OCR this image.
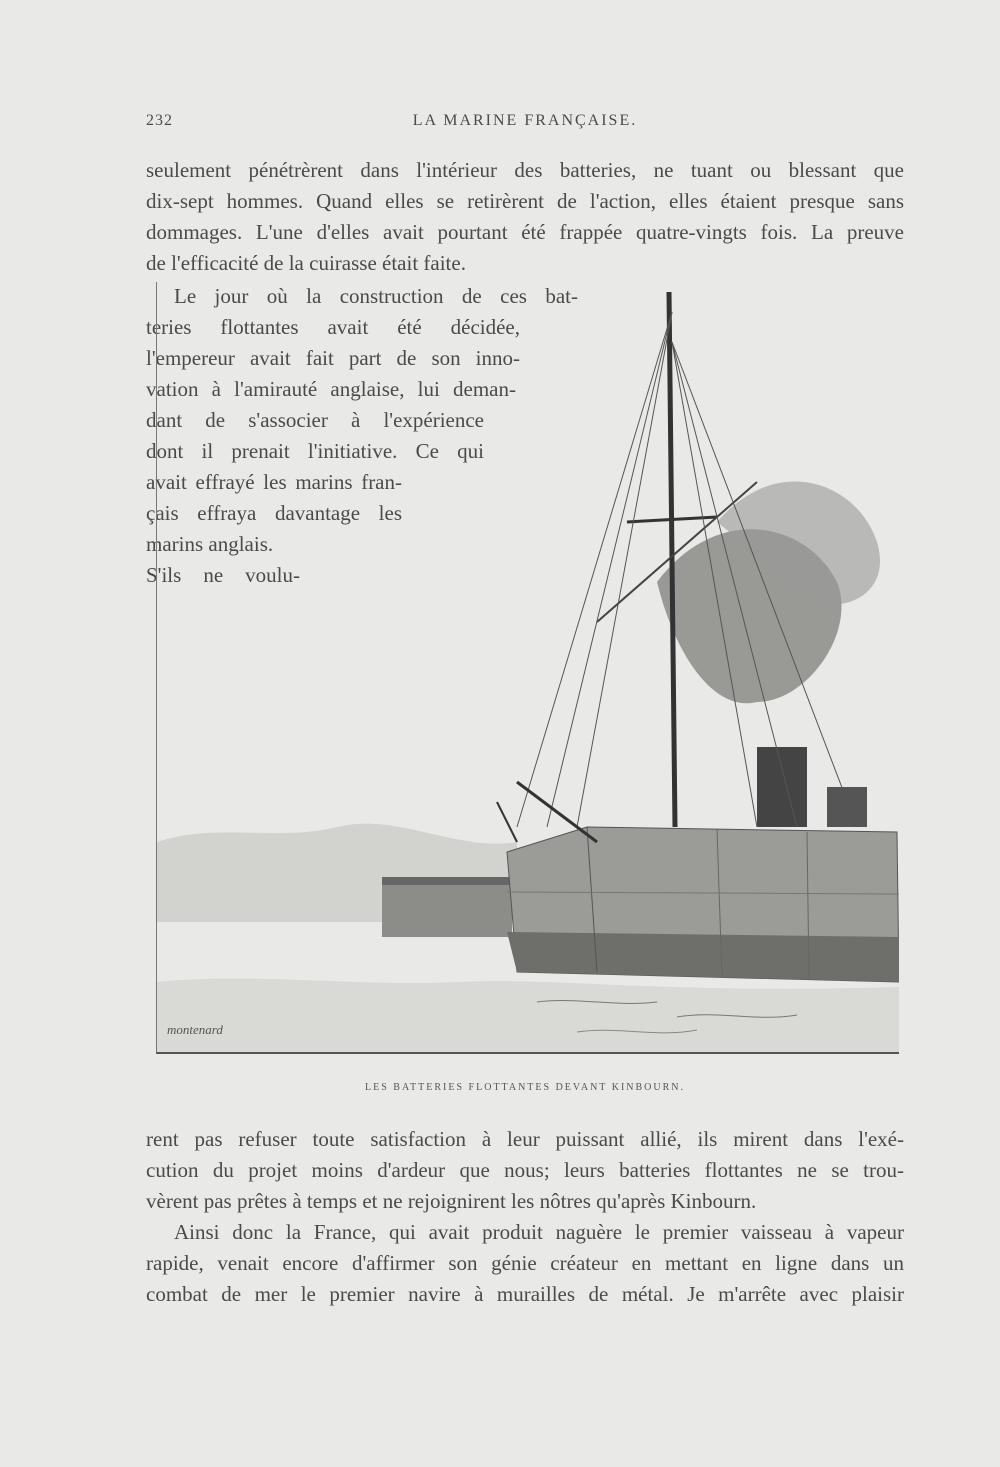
232	LA MARINE FRANÇAISE.
seulement pénétrèrent dans l'intérieur des batteries, ne tuant ou blessant que
dix-sept hommes. Quand elles se retirèrent de l'action, elles étaient presque sans
dommages. L'une d'elles avait pourtant été frappée quatre-vingts fois. La preuve
de l'efficacité de la cuirasse était faite.
Le jour où la construction de ces bat-
teries flottantes avait été décidée,
l'empereur avait fait part de son inno-
vation à l'amirauté anglaise, lui deman-
dant de s'associer à l'expérience
dont il prenait l'initiative. Ce qui
avait effrayé les marins fran-
çais effraya davantage les
marins anglais.
S'ils ne voulu-
montenard
LES BATTERIES FLOTTANTES DEVANT KINBOURN.
rent pas refuser toute satisfaction à leur puissant allié, ils mirent dans l'exé-
cution du projet moins d'ardeur que nous; leurs batteries flottantes ne se trou-
vèrent pas prêtes à temps et ne rejoignirent les nôtres qu'après Kinbourn.
Ainsi donc la France, qui avait produit naguère le premier vaisseau à vapeur
rapide, venait encore d'affirmer son génie créateur en mettant en ligne dans un
combat de mer le premier navire à murailles de métal. Je m'arrête avec plaisir
